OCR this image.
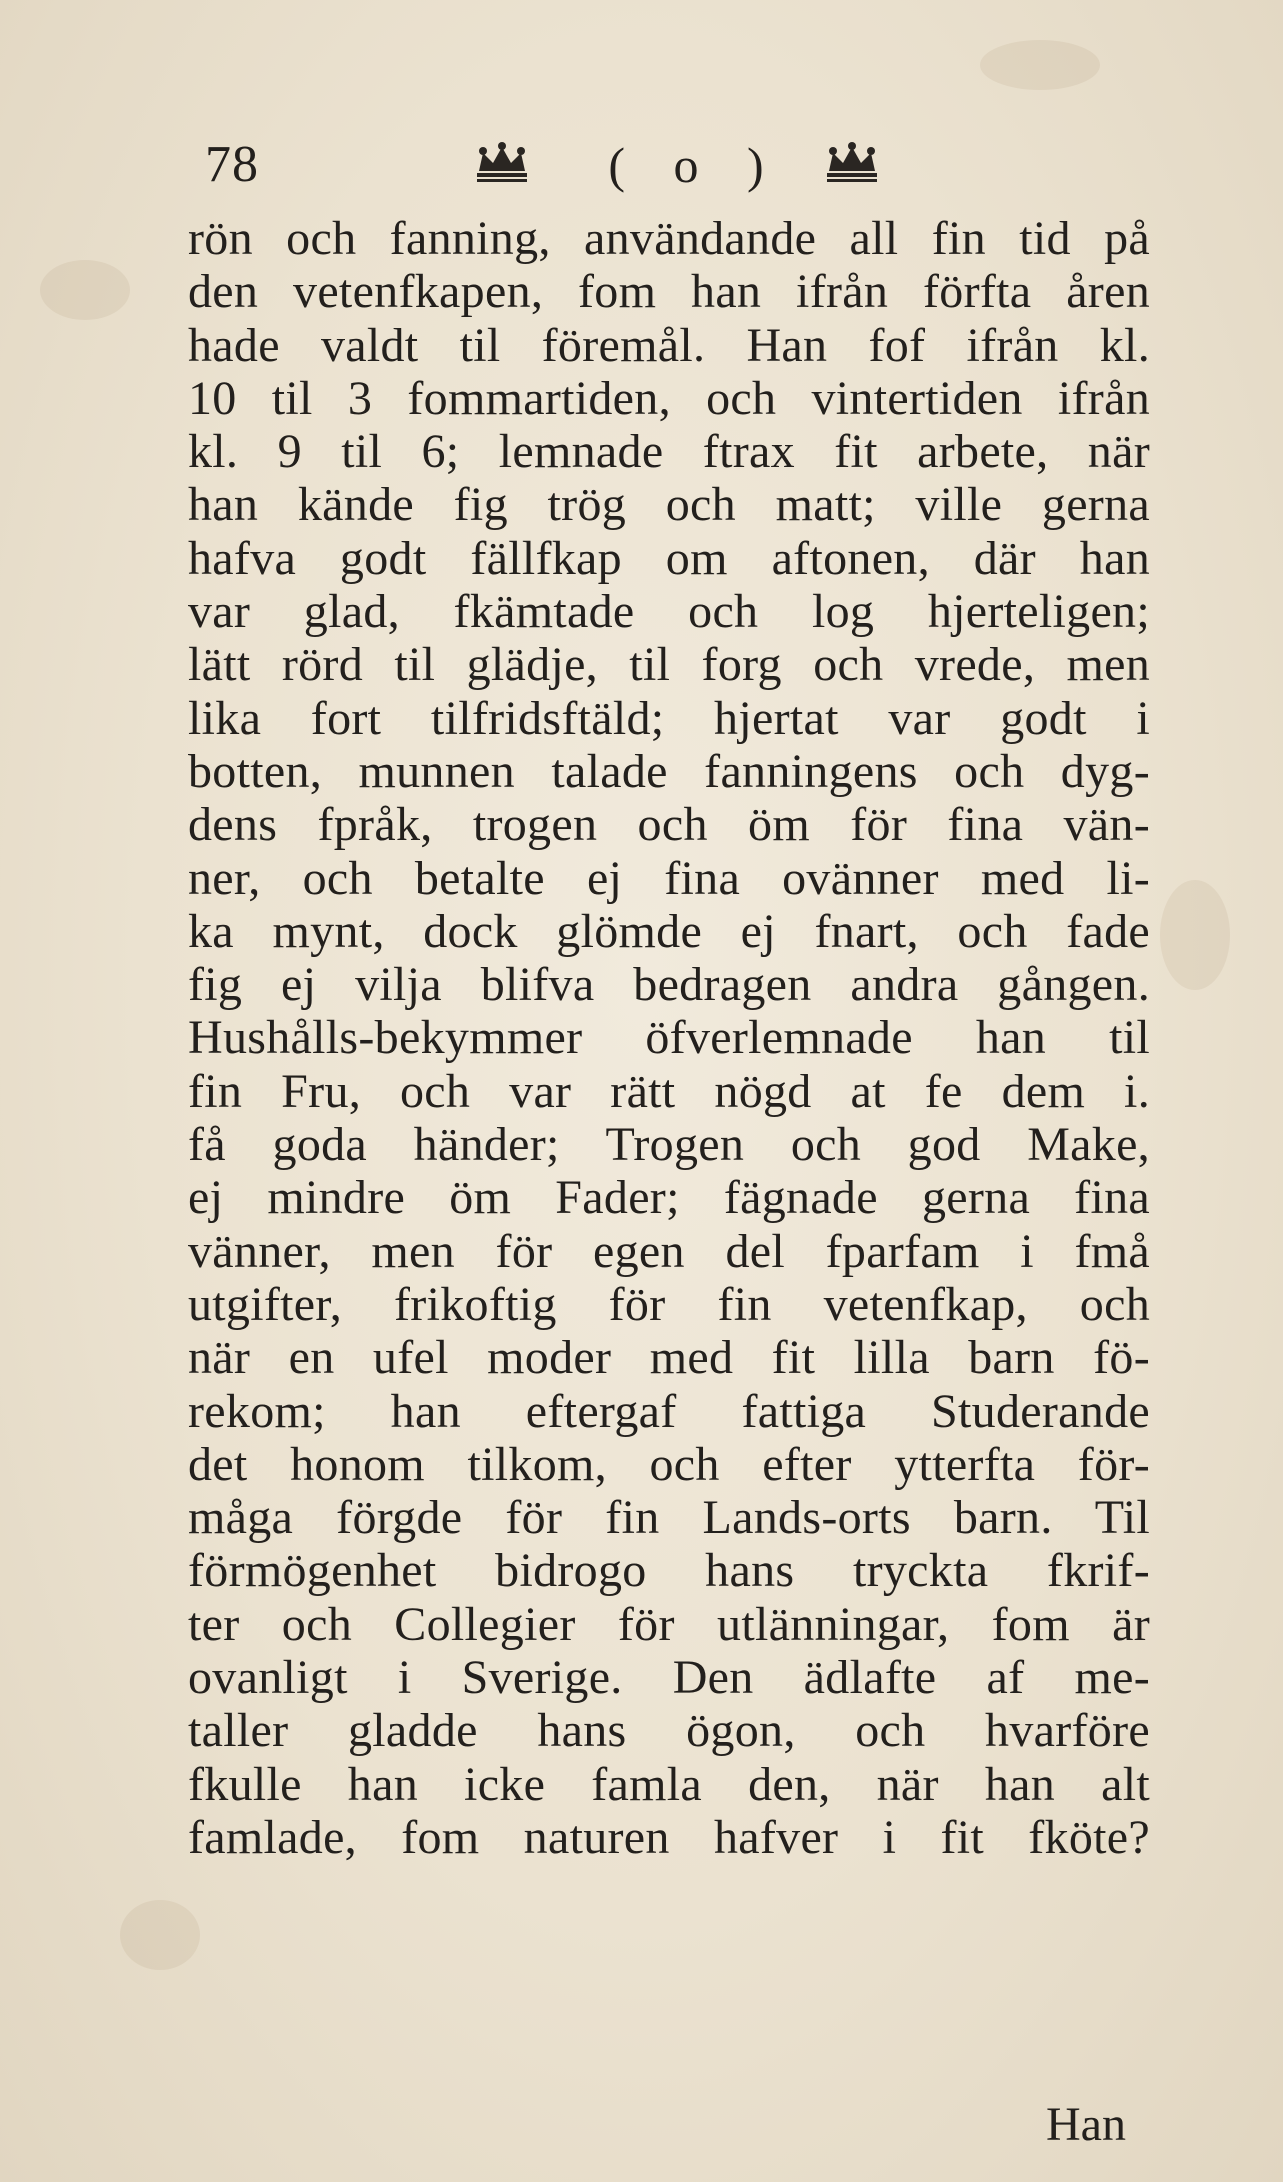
78	( o )
rön och fanning, användande all fin tid på
den vetenfkapen, fom han ifrån förfta åren
hade valdt til föremål. Han fof ifrån kl.
10 til 3 fommartiden, och vintertiden ifrån
kl. 9 til 6; lemnade ftrax fit arbete, när
han kände fig trög och matt; ville gerna
hafva godt fällfkap om aftonen, där han
var glad, fkämtade och log hjerteligen;
lätt rörd til glädje, til forg och vrede, men
lika fort tilfridsftäld; hjertat var godt i
botten, munnen talade fanningens och dyg-
dens fpråk, trogen och öm för fina vän-
ner, och betalte ej fina ovänner med li-
ka mynt, dock glömde ej fnart, och fade
fig ej vilja blifva bedragen andra gången.
Hushålls-bekymmer öfverlemnade han til
fin Fru, och var rätt nögd at fe dem i.
få goda händer; Trogen och god Make,
ej mindre öm Fader; fägnade gerna fina
vänner, men för egen del fparfam i fmå
utgifter, frikoftig för fin vetenfkap, och
när en ufel moder med fit lilla barn fö-
rekom; han eftergaf fattiga Studerande
det honom tilkom, och efter ytterfta för-
måga förgde för fin Lands-orts barn. Til
förmögenhet bidrogo hans tryckta fkrif-
ter och Collegier för utlänningar, fom är
ovanligt i Sverige. Den ädlafte af me-
taller gladde hans ögon, och hvarföre
fkulle han icke famla den, när han alt
famlade, fom naturen hafver i fit fköte?
Han
